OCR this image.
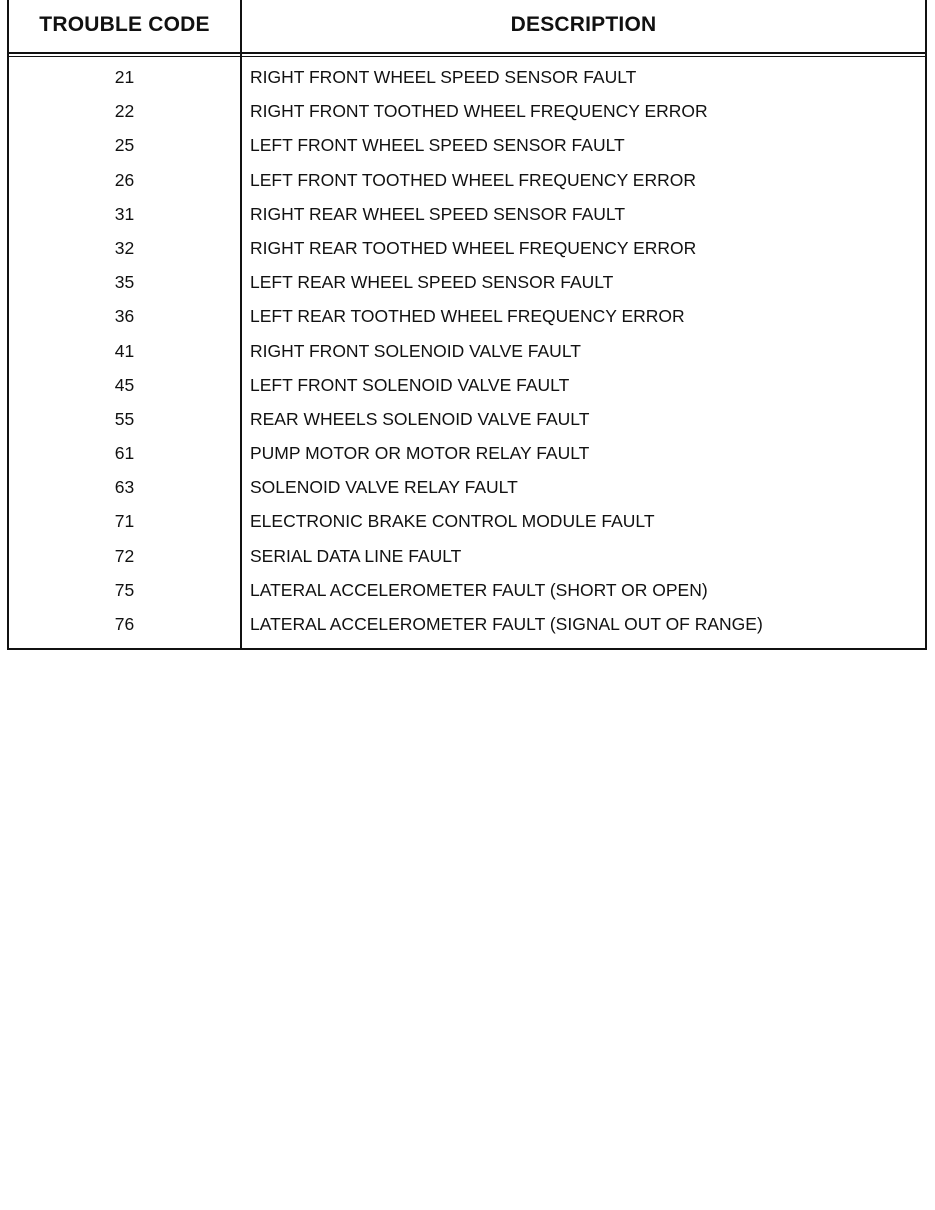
TROUBLE CODE	DESCRIPTION
21	RIGHT FRONT WHEEL SPEED SENSOR FAULT
22	RIGHT FRONT TOOTHED WHEEL FREQUENCY ERROR
25	LEFT FRONT WHEEL SPEED SENSOR FAULT
26	LEFT FRONT TOOTHED WHEEL FREQUENCY ERROR
31	RIGHT REAR WHEEL SPEED SENSOR FAULT
32	RIGHT REAR TOOTHED WHEEL FREQUENCY ERROR
35	LEFT REAR WHEEL SPEED SENSOR FAULT
36	LEFT REAR TOOTHED WHEEL FREQUENCY ERROR
41	RIGHT FRONT SOLENOID VALVE FAULT
45	LEFT FRONT SOLENOID VALVE FAULT
55	REAR WHEELS SOLENOID VALVE FAULT
61	PUMP MOTOR OR MOTOR RELAY FAULT
63	SOLENOID VALVE RELAY FAULT
71	ELECTRONIC BRAKE CONTROL MODULE FAULT
72	SERIAL DATA LINE FAULT
75	LATERAL ACCELEROMETER FAULT (SHORT OR OPEN)
76	LATERAL ACCELEROMETER FAULT (SIGNAL OUT OF RANGE)
